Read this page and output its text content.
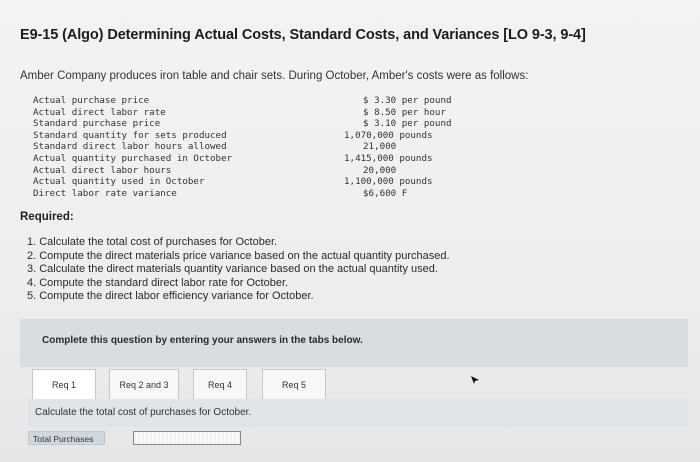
E9-15 (Algo) Determining Actual Costs, Standard Costs, and Variances [LO 9-3, 9-4]
Amber Company produces iron table and chair sets. During October, Amber's costs were as follows:
Actual purchase price	$ 3.30 per pound
Actual direct labor rate	$ 8.50 per hour
Standard purchase price	$ 3.10 per pound
Standard quantity for sets produced	1,070,000 pounds
Standard direct labor hours allowed	21,000
Actual quantity purchased in October	1,415,000 pounds
Actual direct labor hours	20,000
Actual quantity used in October	1,100,000 pounds
Direct labor rate variance	$6,600 F
Required:
1. Calculate the total cost of purchases for October.
2. Compute the direct materials price variance based on the actual quantity purchased.
3. Calculate the direct materials quantity variance based on the actual quantity used.
4. Compute the standard direct labor rate for October.
5. Compute the direct labor efficiency variance for October.
Complete this question by entering your answers in the tabs below.
Req 1	Req 2 and 3	Req 4	Req 5
Calculate the total cost of purchases for October.
Total Purchases
